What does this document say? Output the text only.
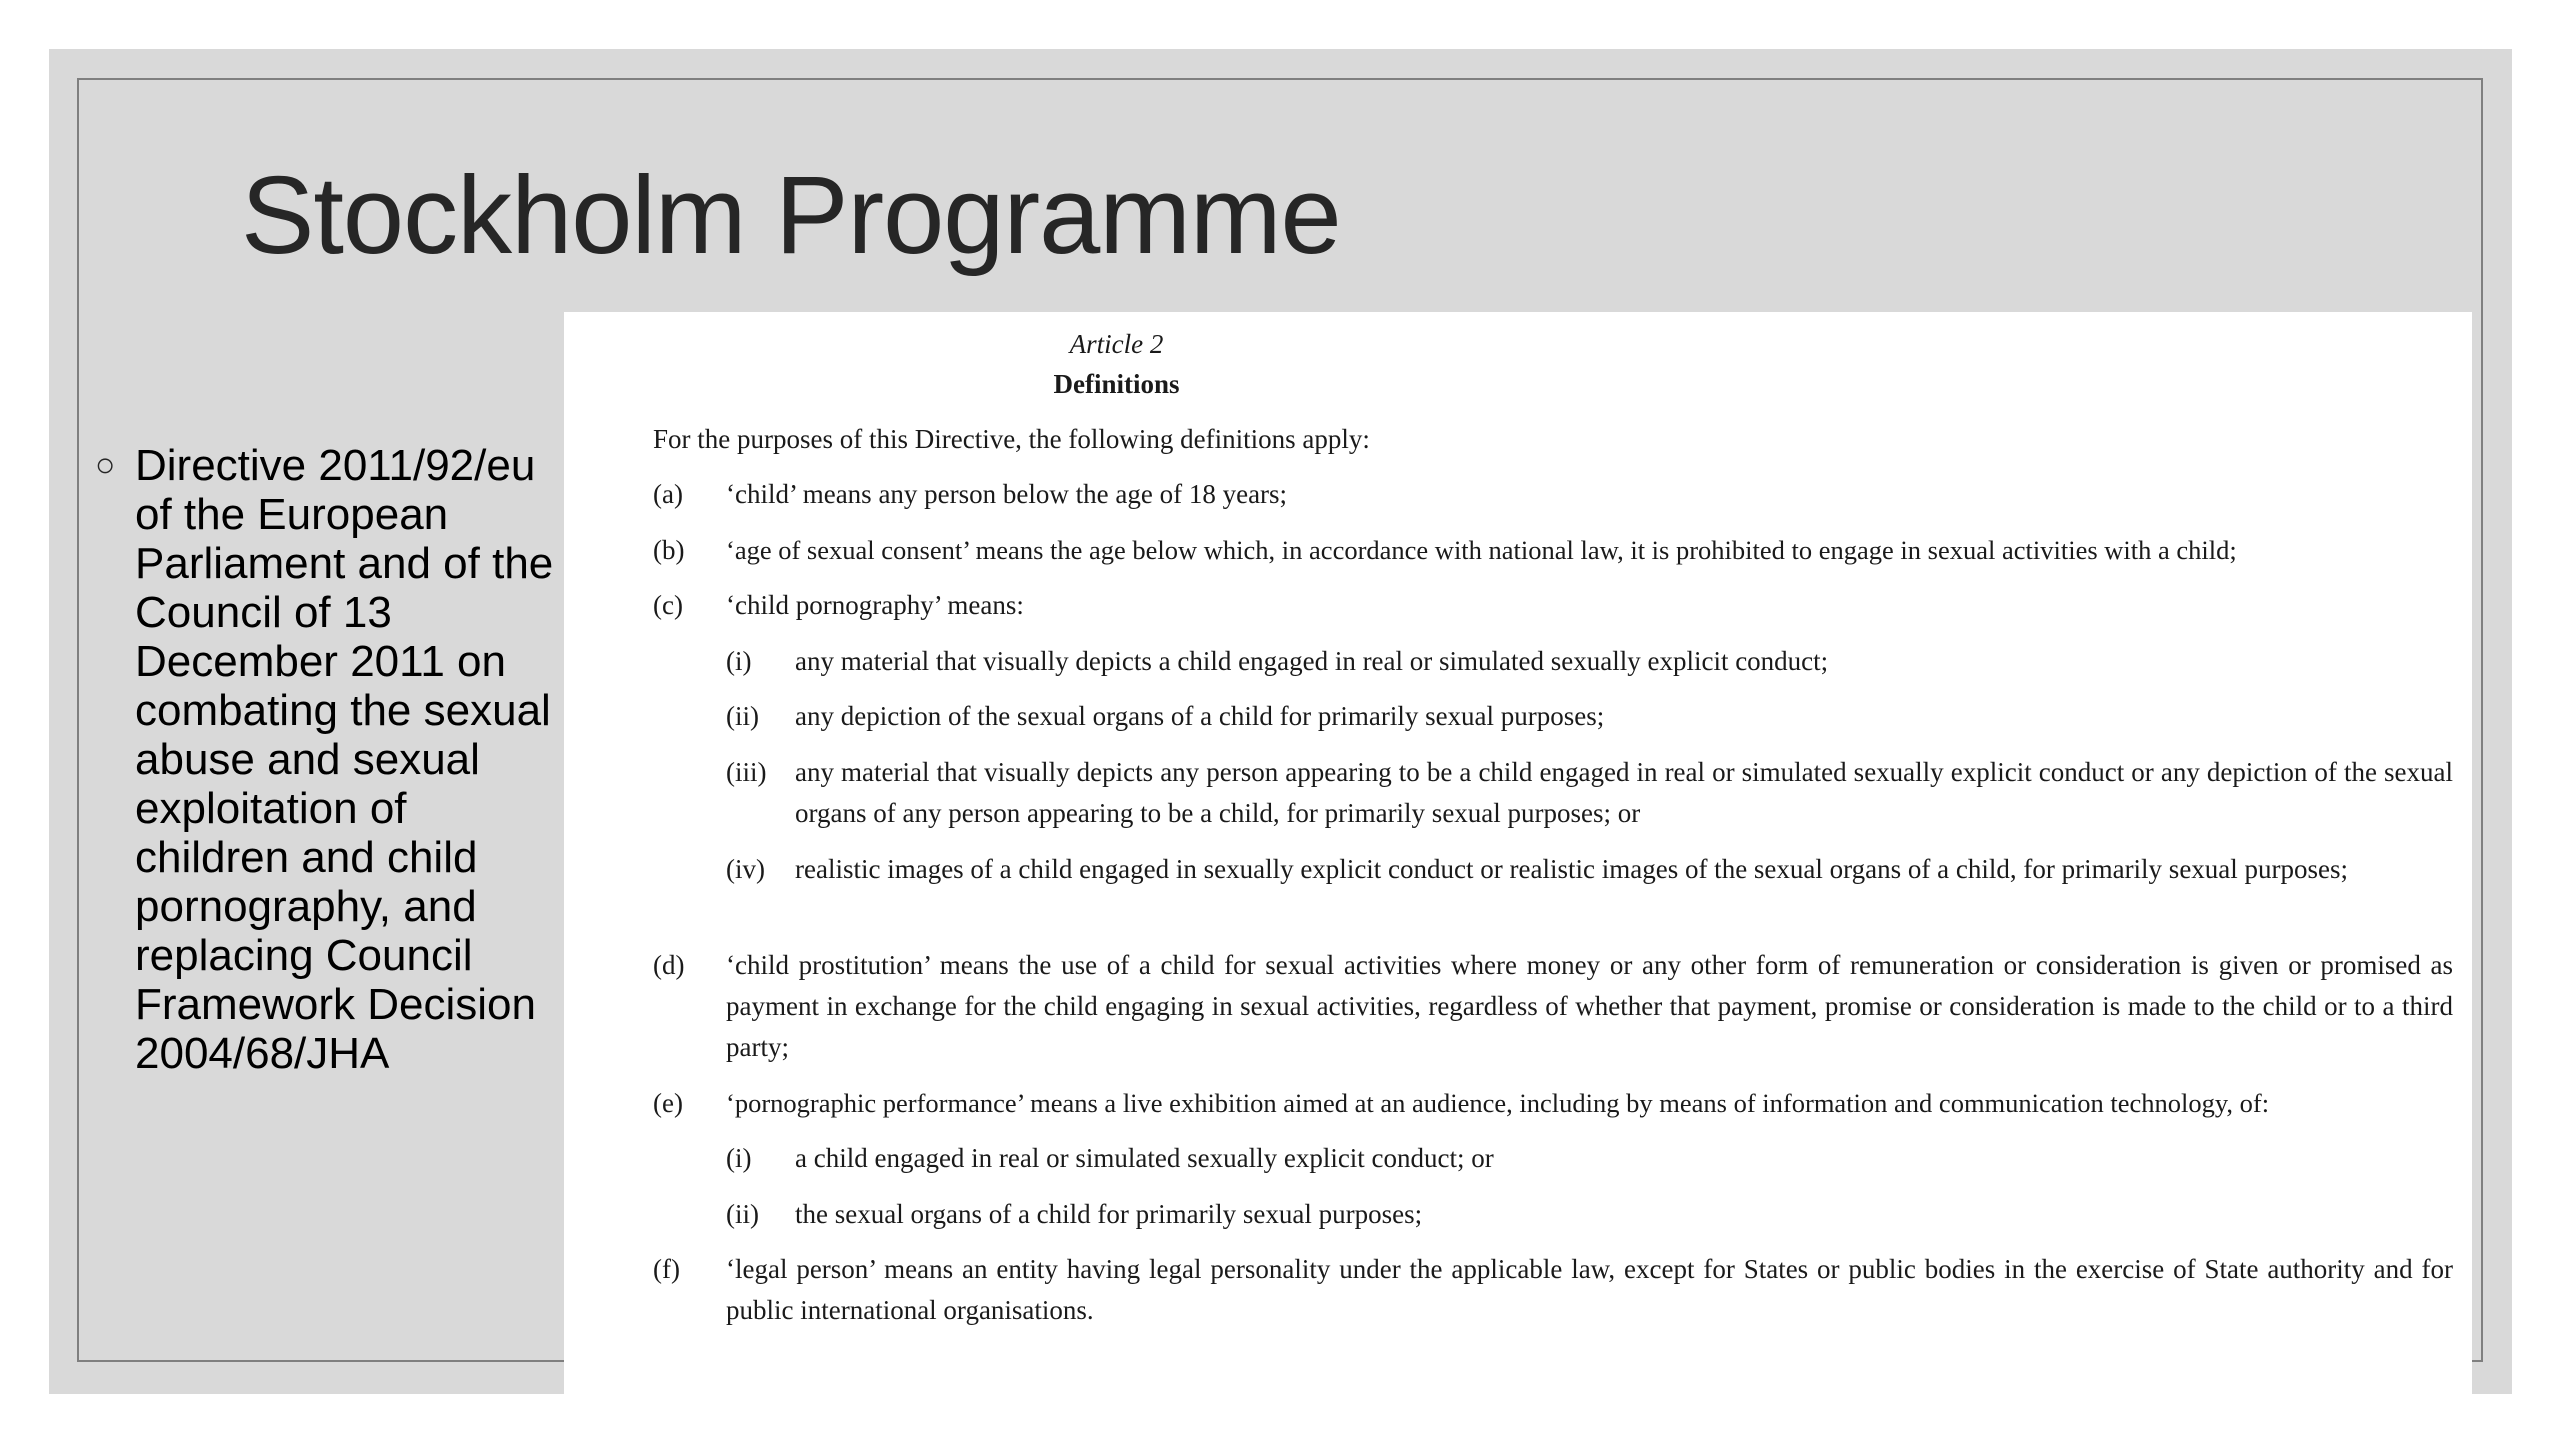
Stockholm Programme
○ Directive 2011/92/eu of the European Parliament and of the Council of 13 December 2011 on combating the sexual abuse and sexual exploitation of children and child pornography, and replacing Council Framework Decision 2004/68/JHA
Article 2
Definitions
For the purposes of this Directive, the following definitions apply:
(a) ‘child’ means any person below the age of 18 years;
(b) ‘age of sexual consent’ means the age below which, in accordance with national law, it is prohibited to engage in sexual activities with a child;
(c) ‘child pornography’ means:
(i) any material that visually depicts a child engaged in real or simulated sexually explicit conduct;
(ii) any depiction of the sexual organs of a child for primarily sexual purposes;
(iii) any material that visually depicts any person appearing to be a child engaged in real or simulated sexually explicit conduct or any depiction of the sexual organs of any person appearing to be a child, for primarily sexual purposes; or
(iv) realistic images of a child engaged in sexually explicit conduct or realistic images of the sexual organs of a child, for primarily sexual purposes;
(d) ‘child prostitution’ means the use of a child for sexual activities where money or any other form of remuneration or consideration is given or promised as payment in exchange for the child engaging in sexual activities, regardless of whether that payment, promise or consideration is made to the child or to a third party;
(e) ‘pornographic performance’ means a live exhibition aimed at an audience, including by means of information and communication technology, of:
(i) a child engaged in real or simulated sexually explicit conduct; or
(ii) the sexual organs of a child for primarily sexual purposes;
(f) ‘legal person’ means an entity having legal personality under the applicable law, except for States or public bodies in the exercise of State authority and for public international organisations.
